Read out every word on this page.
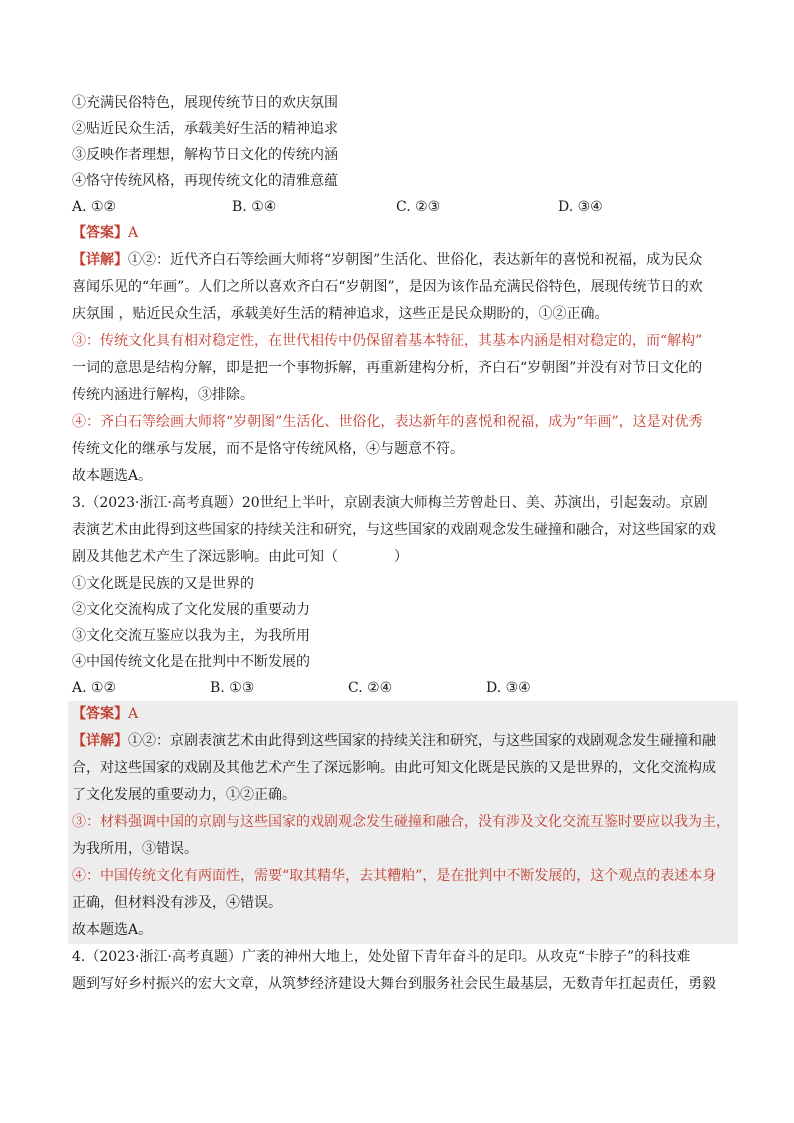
①充满民俗特色，展现传统节日的欢庆氛围

②贴近民众生活，承载美好生活的精神追求

③反映作者理想，解构节日文化的传统内涵

④恪守传统风格，再现传统文化的清雅意蕴

A. ①②	B. ①④	C. ②③	D. ③④

【答案】A

【详解】①②：近代齐白石等绘画大师将“岁朝图”生活化、世俗化，表达新年的喜悦和祝福，成为民众

喜闻乐见的“年画”。人们之所以喜欢齐白石“岁朝图”，是因为该作品充满民俗特色，展现传统节日的欢

庆氛围 ，贴近民众生活，承载美好生活的精神追求，这些正是民众期盼的，①②正确。

③：传统文化具有相对稳定性，在世代相传中仍保留着基本特征，其基本内涵是相对稳定的，而“解构”

一词的意思是结构分解，即是把一个事物拆解，再重新建构分析，齐白石“岁朝图”并没有对节日文化的

传统内涵进行解构，③排除。

④：齐白石等绘画大师将“岁朝图”生活化、世俗化，表达新年的喜悦和祝福，成为“年画”，这是对优秀

传统文化的继承与发展，而不是恪守传统风格，④与题意不符。

故本题选A。

3.（2023·浙江·高考真题）20世纪上半叶，京剧表演大师梅兰芳曾赴日、美、苏演出，引起轰动。京剧

表演艺术由此得到这些国家的持续关注和研究，与这些国家的戏剧观念发生碰撞和融合，对这些国家的戏

剧及其他艺术产生了深远影响。由此可知（　　　　）

①文化既是民族的又是世界的

②文化交流构成了文化发展的重要动力

③文化交流互鉴应以我为主，为我所用

④中国传统文化是在批判中不断发展的

A. ①②	B. ①③	C. ②④	D. ③④

【答案】A

【详解】①②：京剧表演艺术由此得到这些国家的持续关注和研究，与这些国家的戏剧观念发生碰撞和融

合，对这些国家的戏剧及其他艺术产生了深远影响。由此可知文化既是民族的又是世界的，文化交流构成

了文化发展的重要动力，①②正确。

③：材料强调中国的京剧与这些国家的戏剧观念发生碰撞和融合，没有涉及文化交流互鉴时要应以我为主，

为我所用，③错误。

④：中国传统文化有两面性，需要“取其精华，去其糟粕”，是在批判中不断发展的，这个观点的表述本身

正确，但材料没有涉及，④错误。

故本题选A。

4.（2023·浙江·高考真题）广袤的神州大地上，处处留下青年奋斗的足印。从攻克“卡脖子”的科技难

题到写好乡村振兴的宏大文章，从筑梦经济建设大舞台到服务社会民生最基层，无数青年扛起责任，勇毅
